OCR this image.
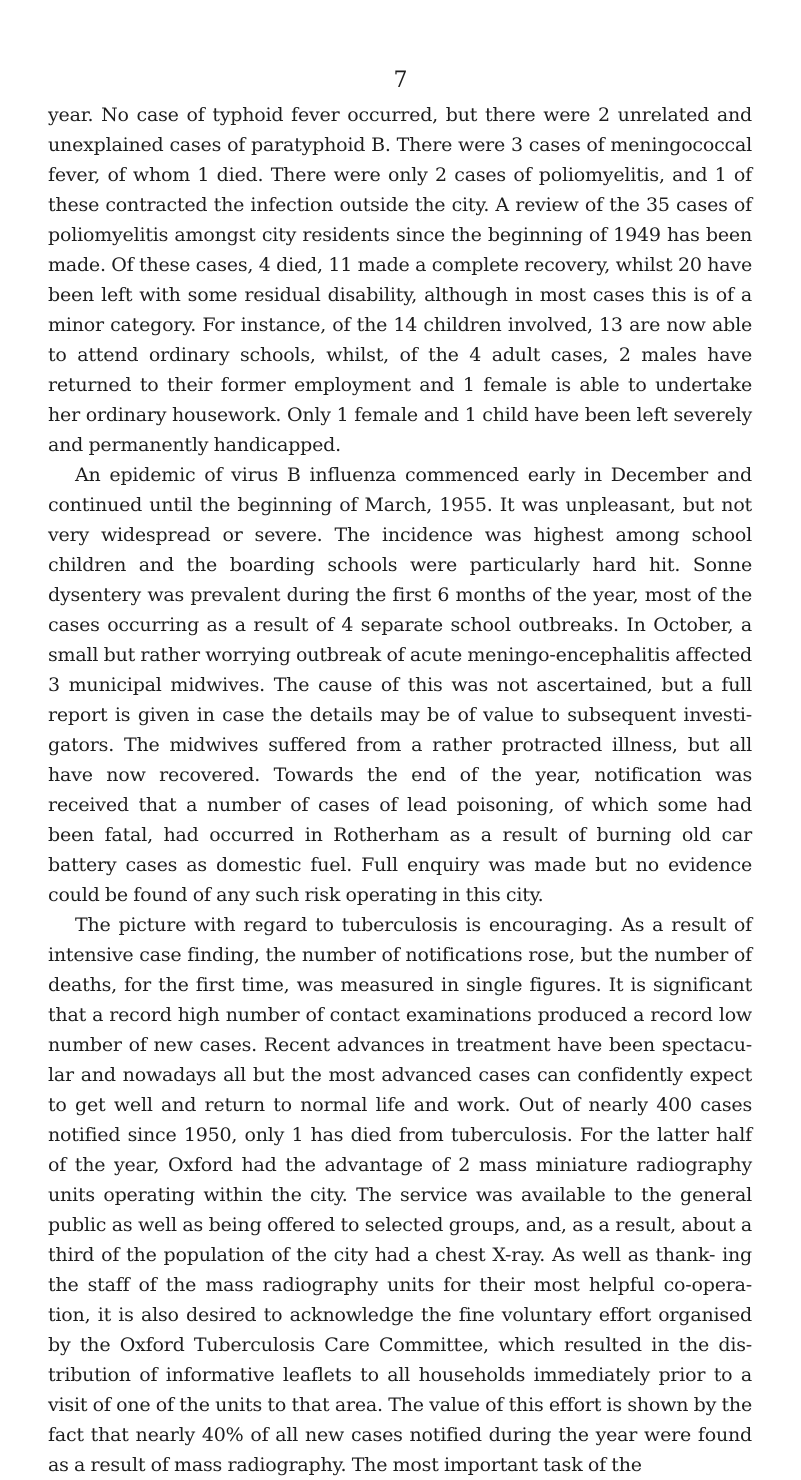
7

year. No case of typhoid fever occurred, but there were 2 unrelated and unexplained cases of paratyphoid B. There were 3 cases of meningococcal fever, of whom 1 died. There were only 2 cases of poliomyelitis, and 1 of these contracted the infection outside the city. A review of the 35 cases of poliomyelitis amongst city residents since the beginning of 1949 has been made. Of these cases, 4 died, 11 made a complete recovery, whilst 20 have been left with some residual disability, although in most cases this is of a minor category. For instance, of the 14 children involved, 13 are now able to attend ordinary schools, whilst, of the 4 adult cases, 2 males have returned to their former employment and 1 female is able to undertake her ordinary housework. Only 1 female and 1 child have been left severely and permanently handicapped.

An epidemic of virus B influenza commenced early in December and continued until the beginning of March, 1955. It was unpleasant, but not very widespread or severe. The incidence was highest among school children and the boarding schools were particularly hard hit. Sonne dysentery was prevalent during the first 6 months of the year, most of the cases occurring as a result of 4 separate school outbreaks. In October, a small but rather worrying outbreak of acute meningo-encephalitis affected 3 municipal midwives. The cause of this was not ascertained, but a full report is given in case the details may be of value to subsequent investi- gators. The midwives suffered from a rather protracted illness, but all have now recovered. Towards the end of the year, notification was received that a number of cases of lead poisoning, of which some had been fatal, had occurred in Rotherham as a result of burning old car battery cases as domestic fuel. Full enquiry was made but no evidence could be found of any such risk operating in this city.

The picture with regard to tuberculosis is encouraging. As a result of intensive case finding, the number of notifications rose, but the number of deaths, for the first time, was measured in single figures. It is significant that a record high number of contact examinations produced a record low number of new cases. Recent advances in treatment have been spectacu- lar and nowadays all but the most advanced cases can confidently expect to get well and return to normal life and work. Out of nearly 400 cases notified since 1950, only 1 has died from tuberculosis. For the latter half of the year, Oxford had the advantage of 2 mass miniature radiography units operating within the city. The service was available to the general public as well as being offered to selected groups, and, as a result, about a third of the population of the city had a chest X-ray. As well as thank- ing the staff of the mass radiography units for their most helpful co-opera- tion, it is also desired to acknowledge the fine voluntary effort organised by the Oxford Tuberculosis Care Committee, which resulted in the dis- tribution of informative leaflets to all households immediately prior to a visit of one of the units to that area. The value of this effort is shown by the fact that nearly 40% of all new cases notified during the year were found as a result of mass radiography. The most important task of the
